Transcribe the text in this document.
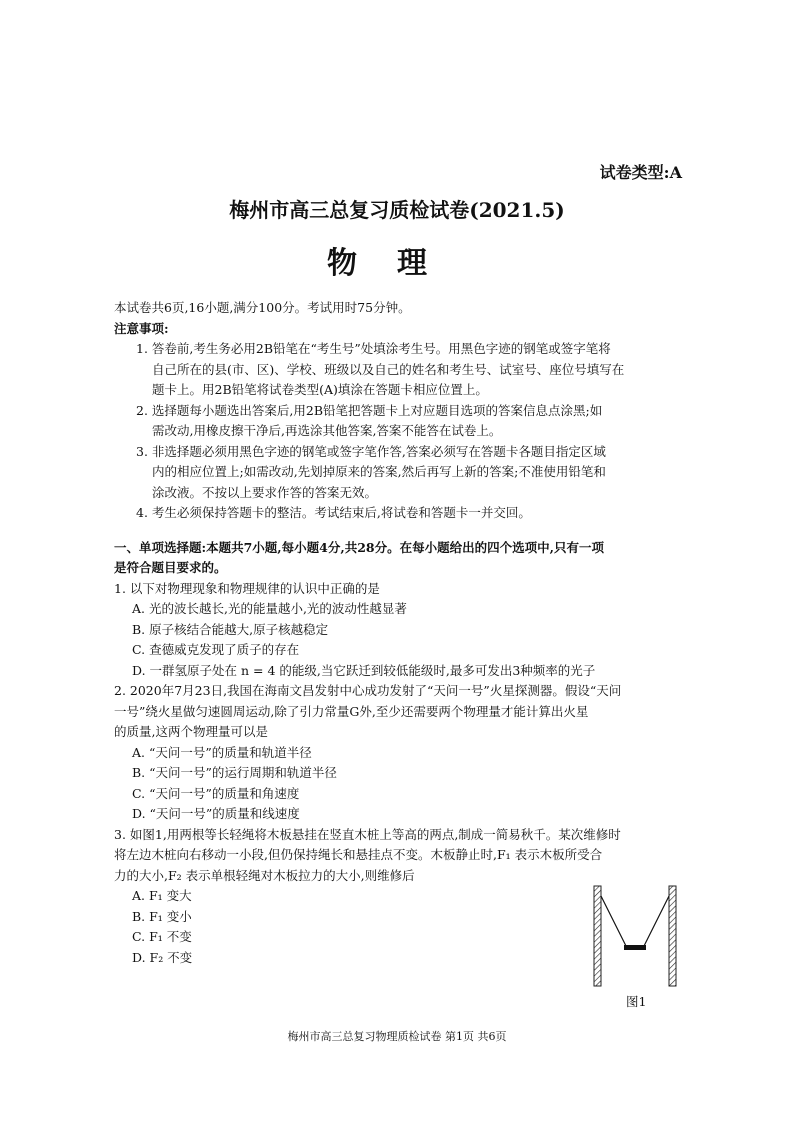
试卷类型:A
梅州市高三总复习质检试卷(2021.5)
物理
本试卷共6页,16小题,满分100分。考试用时75分钟。
注意事项:
1. 答卷前,考生务必用2B铅笔在“考生号”处填涂考生号。用黑色字迹的钢笔或签字笔将
自己所在的县(市、区)、学校、班级以及自己的姓名和考生号、试室号、座位号填写在
题卡上。用2B铅笔将试卷类型(A)填涂在答题卡相应位置上。
2. 选择题每小题选出答案后,用2B铅笔把答题卡上对应题目选项的答案信息点涂黑;如
需改动,用橡皮擦干净后,再选涂其他答案,答案不能答在试卷上。
3. 非选择题必须用黑色字迹的钢笔或签字笔作答,答案必须写在答题卡各题目指定区域
内的相应位置上;如需改动,先划掉原来的答案,然后再写上新的答案;不准使用铅笔和
涂改液。不按以上要求作答的答案无效。
4. 考生必须保持答题卡的整洁。考试结束后,将试卷和答题卡一并交回。
一、单项选择题:本题共7小题,每小题4分,共28分。在每小题给出的四个选项中,只有一项
是符合题目要求的。
1. 以下对物理现象和物理规律的认识中正确的是
A. 光的波长越长,光的能量越小,光的波动性越显著
B. 原子核结合能越大,原子核越稳定
C. 查德威克发现了质子的存在
D. 一群氢原子处在 n = 4 的能级,当它跃迁到较低能级时,最多可发出3种频率的光子
2. 2020年7月23日,我国在海南文昌发射中心成功发射了“天问一号”火星探测器。假设“天问
一号”绕火星做匀速圆周运动,除了引力常量G外,至少还需要两个物理量才能计算出火星
的质量,这两个物理量可以是
A. “天问一号”的质量和轨道半径
B. “天问一号”的运行周期和轨道半径
C. “天问一号”的质量和角速度
D. “天问一号”的质量和线速度
3. 如图1,用两根等长轻绳将木板悬挂在竖直木桩上等高的两点,制成一简易秋千。某次维修时
将左边木桩向右移动一小段,但仍保持绳长和悬挂点不变。木板静止时,F₁ 表示木板所受合
力的大小,F₂ 表示单根轻绳对木板拉力的大小,则维修后
A. F₁ 变大
B. F₁ 变小
C. F₁ 不变
D. F₂ 不变
图1
梅州市高三总复习物理质检试卷 第1页 共6页
